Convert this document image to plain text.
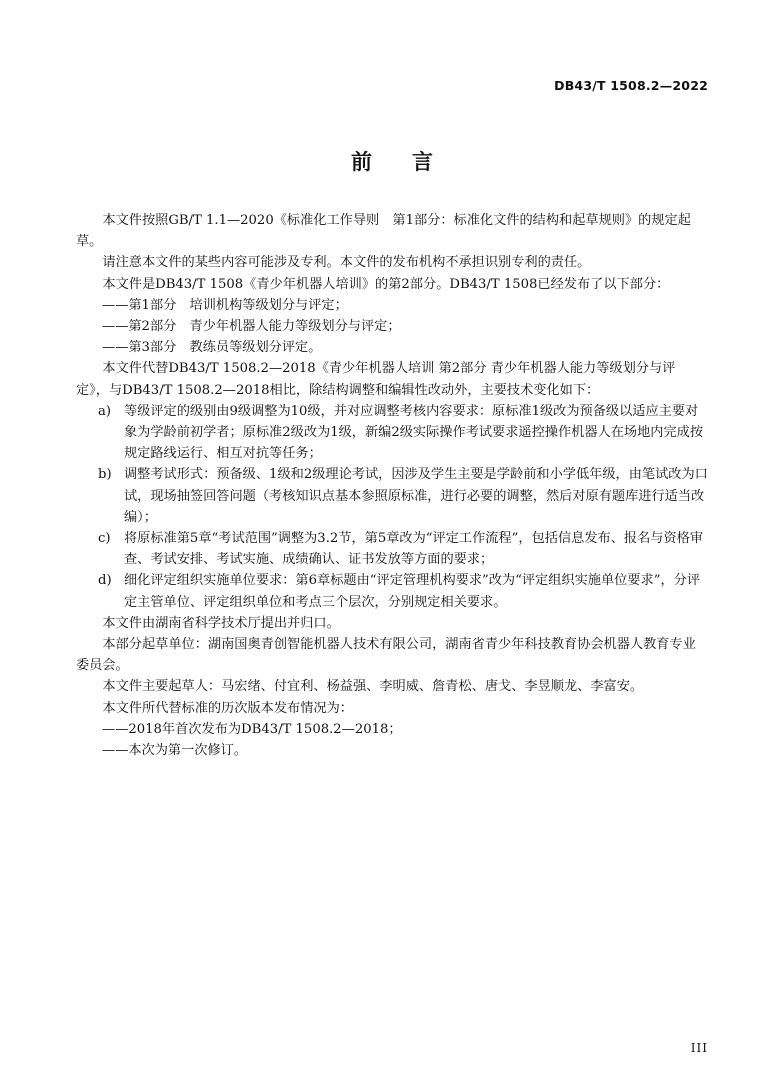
DB43/T 1508.2—2022
前 言

本文件按照GB/T 1.1—2020《标准化工作导则　第1部分：标准化文件的结构和起草规则》的规定起草。

请注意本文件的某些内容可能涉及专利。本文件的发布机构不承担识别专利的责任。

本文件是DB43/T 1508《青少年机器人培训》的第2部分。DB43/T 1508已经发布了以下部分：

——第1部分　培训机构等级划分与评定；

——第2部分　青少年机器人能力等级划分与评定；

——第3部分　教练员等级划分评定。

本文件代替DB43/T 1508.2—2018《青少年机器人培训 第2部分 青少年机器人能力等级划分与评定》，与DB43/T 1508.2—2018相比，除结构调整和编辑性改动外，主要技术变化如下：

a) 等级评定的级别由9级调整为10级，并对应调整考核内容要求：原标准1级改为预备级以适应主要对象为学龄前初学者；原标准2级改为1级，新编2级实际操作考试要求遥控操作机器人在场地内完成按规定路线运行、相互对抗等任务；
b) 调整考试形式：预备级、1级和2级理论考试，因涉及学生主要是学龄前和小学低年级，由笔试改为口试，现场抽签回答问题（考核知识点基本参照原标准，进行必要的调整，然后对原有题库进行适当改编）；
c)	将原标准第5章“考试范围”调整为3.2节，第5章改为“评定工作流程”，包括信息发布、报名与资格审查、考试安排、考试实施、成绩确认、证书发放等方面的要求；
d) 细化评定组织实施单位要求：第6章标题由“评定管理机构要求”改为“评定组织实施单位要求”，分评定主管单位、评定组织单位和考点三个层次，分别规定相关要求。

本文件由湖南省科学技术厅提出并归口。

本部分起草单位：湖南国奥青创智能机器人技术有限公司，湖南省青少年科技教育协会机器人教育专业委员会。

本文件主要起草人：马宏绪、付宜利、杨益强、李明威、詹青松、唐戈、李昱顺龙、李富安。

本文件所代替标准的历次版本发布情况为：

——2018年首次发布为DB43/T 1508.2—2018；

——本次为第一次修订。

III
